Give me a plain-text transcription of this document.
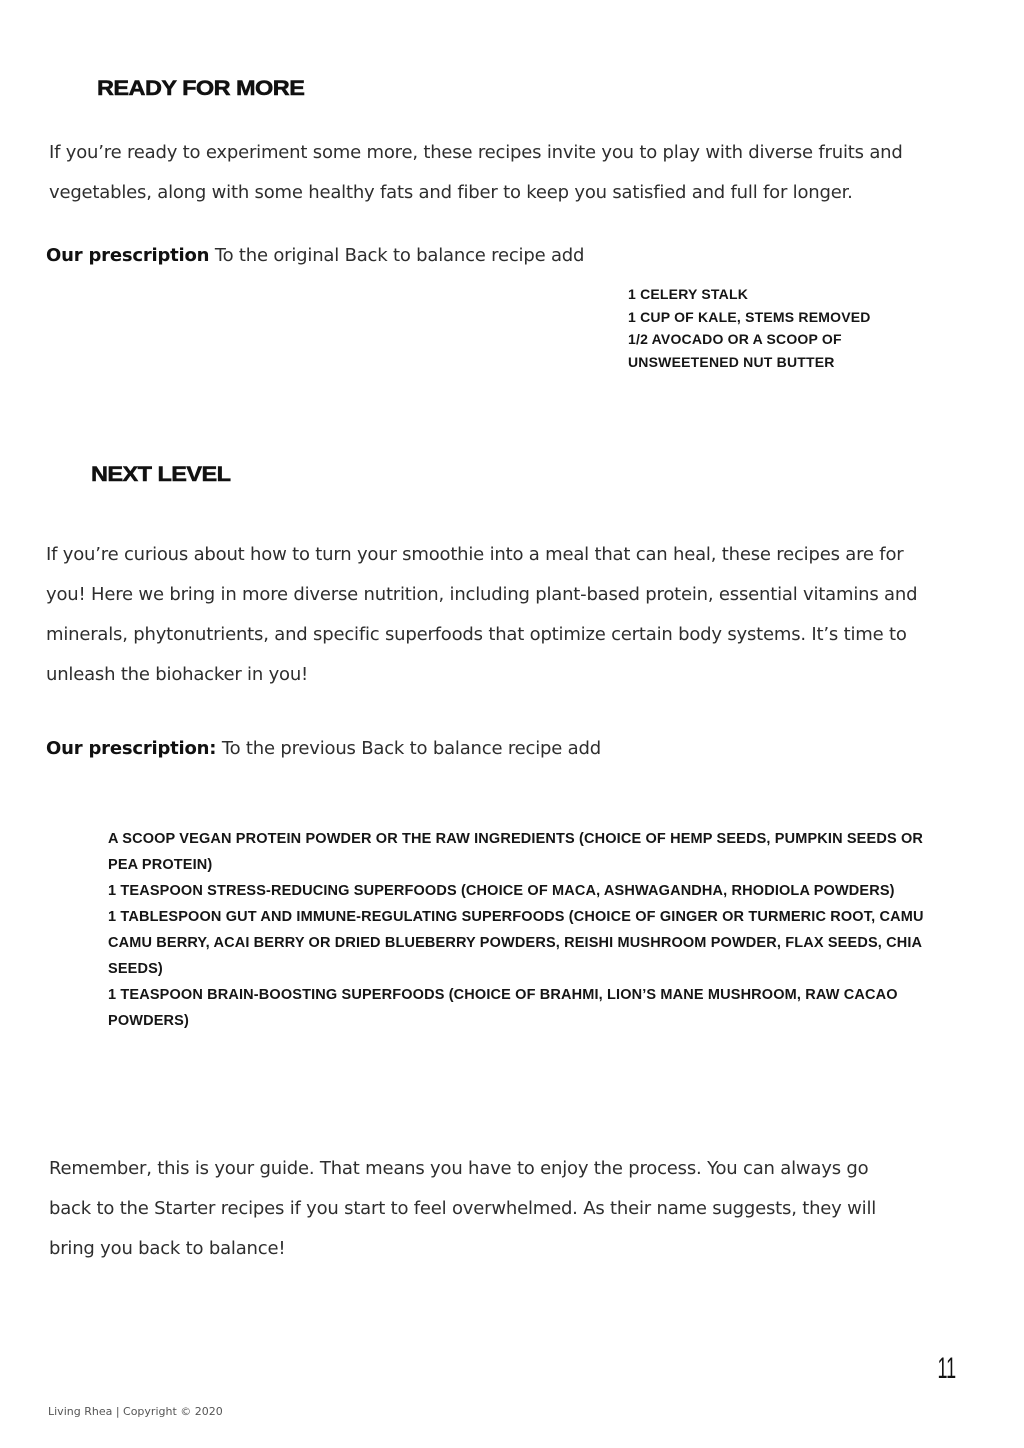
READY FOR MORE

If you’re ready to experiment some more, these recipes invite you to play with diverse fruits and
vegetables, along with some healthy fats and fiber to keep you satisfied and full for longer.

Our prescription To the original Back to balance recipe add

1 CELERY STALK
1 CUP OF KALE, STEMS REMOVED
1/2 AVOCADO OR A SCOOP OF
UNSWEETENED NUT BUTTER
NEXT LEVEL

If you’re curious about how to turn your smoothie into a meal that can heal, these recipes are for
you! Here we bring in more diverse nutrition, including plant-based protein, essential vitamins and
minerals, phytonutrients, and specific superfoods that optimize certain body systems. It’s time to
unleash the biohacker in you!

Our prescription: To the previous Back to balance recipe add

A SCOOP VEGAN PROTEIN POWDER OR THE RAW INGREDIENTS (CHOICE OF HEMP SEEDS, PUMPKIN SEEDS OR PEA PROTEIN)
1 TEASPOON STRESS-REDUCING SUPERFOODS (CHOICE OF MACA, ASHWAGANDHA, RHODIOLA POWDERS)
1 TABLESPOON GUT AND IMMUNE-REGULATING SUPERFOODS (CHOICE OF GINGER OR TURMERIC ROOT, CAMU CAMU BERRY, ACAI BERRY OR DRIED BLUEBERRY POWDERS, REISHI MUSHROOM POWDER, FLAX SEEDS, CHIA SEEDS)
1 TEASPOON BRAIN-BOOSTING SUPERFOODS (CHOICE OF BRAHMI, LION’S MANE MUSHROOM, RAW CACAO POWDERS)

Remember, this is your guide. That means you have to enjoy the process. You can always go
back to the Starter recipes if you start to feel overwhelmed. As their name suggests, they will
bring you back to balance!

11
Living Rhea | Copyright © 2020
